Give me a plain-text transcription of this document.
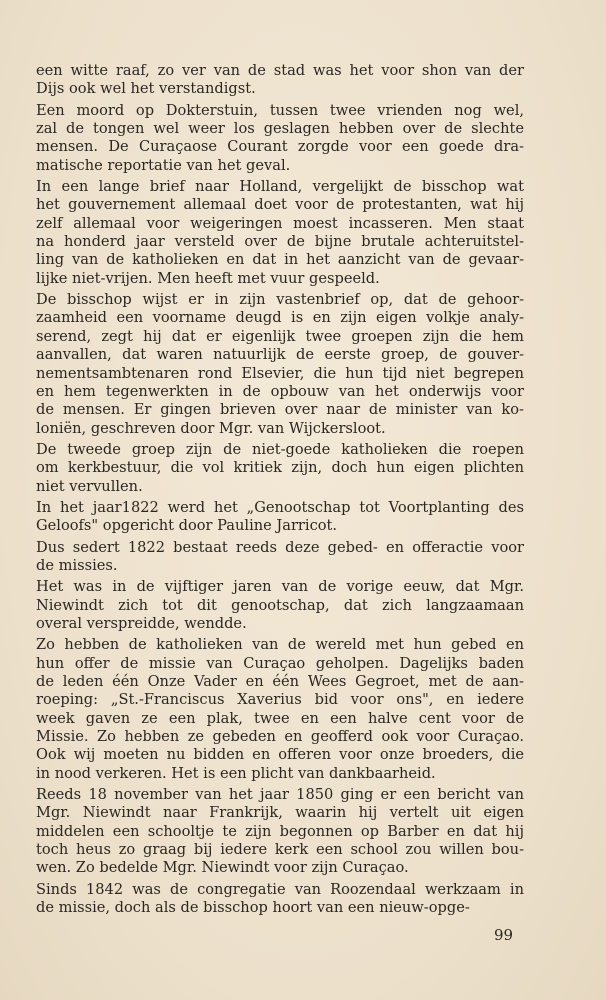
een witte raaf, zo ver van de stad was het voor shon van der
Dijs ook wel het verstandigst.
Een moord op Dokterstuin, tussen twee vrienden nog wel,
zal de tongen wel weer los geslagen hebben over de slechte
mensen. De Curaçaose Courant zorgde voor een goede dra-
matische reportatie van het geval.
In een lange brief naar Holland, vergelijkt de bisschop wat
het gouvernement allemaal doet voor de protestanten, wat hij
zelf allemaal voor weigeringen moest incasseren. Men staat
na honderd jaar versteld over de bijne brutale achteruitstel-
ling van de katholieken en dat in het aanzicht van de gevaar-
lijke niet-vrijen. Men heeft met vuur gespeeld.
De bisschop wijst er in zijn vastenbrief op, dat de gehoor-
zaamheid een voorname deugd is en zijn eigen volkje analy-
serend, zegt hij dat er eigenlijk twee groepen zijn die hem
aanvallen, dat waren natuurlijk de eerste groep, de gouver-
nementsambtenaren rond Elsevier, die hun tijd niet begrepen
en hem tegenwerkten in de opbouw van het onderwijs voor
de mensen. Er gingen brieven over naar de minister van ko-
loniën, geschreven door Mgr. van Wijckersloot.
De tweede groep zijn de niet-goede katholieken die roepen
om kerkbestuur, die vol kritiek zijn, doch hun eigen plichten
niet vervullen.
In het jaar1822 werd het „Genootschap tot Voortplanting des
Geloofs" opgericht door Pauline Jarricot.
Dus sedert 1822 bestaat reeds deze gebed- en offeractie voor
de missies.
Het was in de vijftiger jaren van de vorige eeuw, dat Mgr.
Niewindt zich tot dit genootschap, dat zich langzaamaan
overal verspreidde, wendde.
Zo hebben de katholieken van de wereld met hun gebed en
hun offer de missie van Curaçao geholpen. Dagelijks baden
de leden één Onze Vader en één Wees Gegroet, met de aan-
roeping: „St.-Franciscus Xaverius bid voor ons", en iedere
week gaven ze een plak, twee en een halve cent voor de
Missie. Zo hebben ze gebeden en geofferd ook voor Curaçao.
Ook wij moeten nu bidden en offeren voor onze broeders, die
in nood verkeren. Het is een plicht van dankbaarheid.
Reeds 18 november van het jaar 1850 ging er een bericht van
Mgr. Niewindt naar Frankrijk, waarin hij vertelt uit eigen
middelen een schooltje te zijn begonnen op Barber en dat hij
toch heus zo graag bij iedere kerk een school zou willen bou-
wen. Zo bedelde Mgr. Niewindt voor zijn Curaçao.
Sinds 1842 was de congregatie van Roozendaal werkzaam in
de missie, doch als de bisschop hoort van een nieuw-opge-
99
